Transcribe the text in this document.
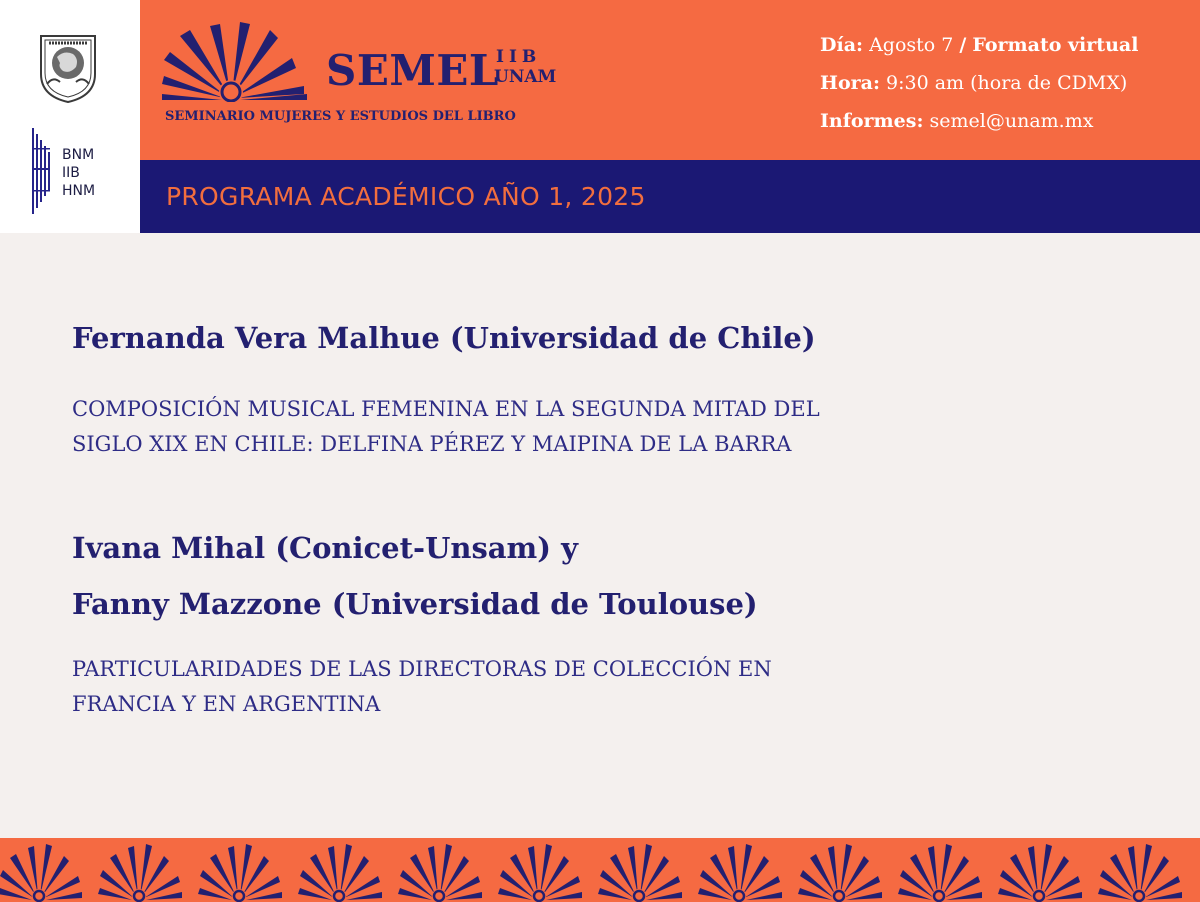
BNM
IIB
HNM
SEMEL
IIB
UNAM
SEMINARIO MUJERES Y ESTUDIOS DEL LIBRO
Día: Agosto 7 / Formato virtual
Hora: 9:30 am (hora de CDMX)
Informes: semel@unam.mx
PROGRAMA ACADÉMICO AÑO 1, 2025
Fernanda Vera Malhue (Universidad de Chile)
COMPOSICIÓN MUSICAL FEMENINA EN LA SEGUNDA MITAD DEL
SIGLO XIX EN CHILE: DELFINA PÉREZ Y MAIPINA DE LA BARRA
Ivana Mihal (Conicet-Unsam) y
Fanny Mazzone (Universidad de Toulouse)
PARTICULARIDADES DE LAS DIRECTORAS DE COLECCIÓN EN
FRANCIA Y EN ARGENTINA
